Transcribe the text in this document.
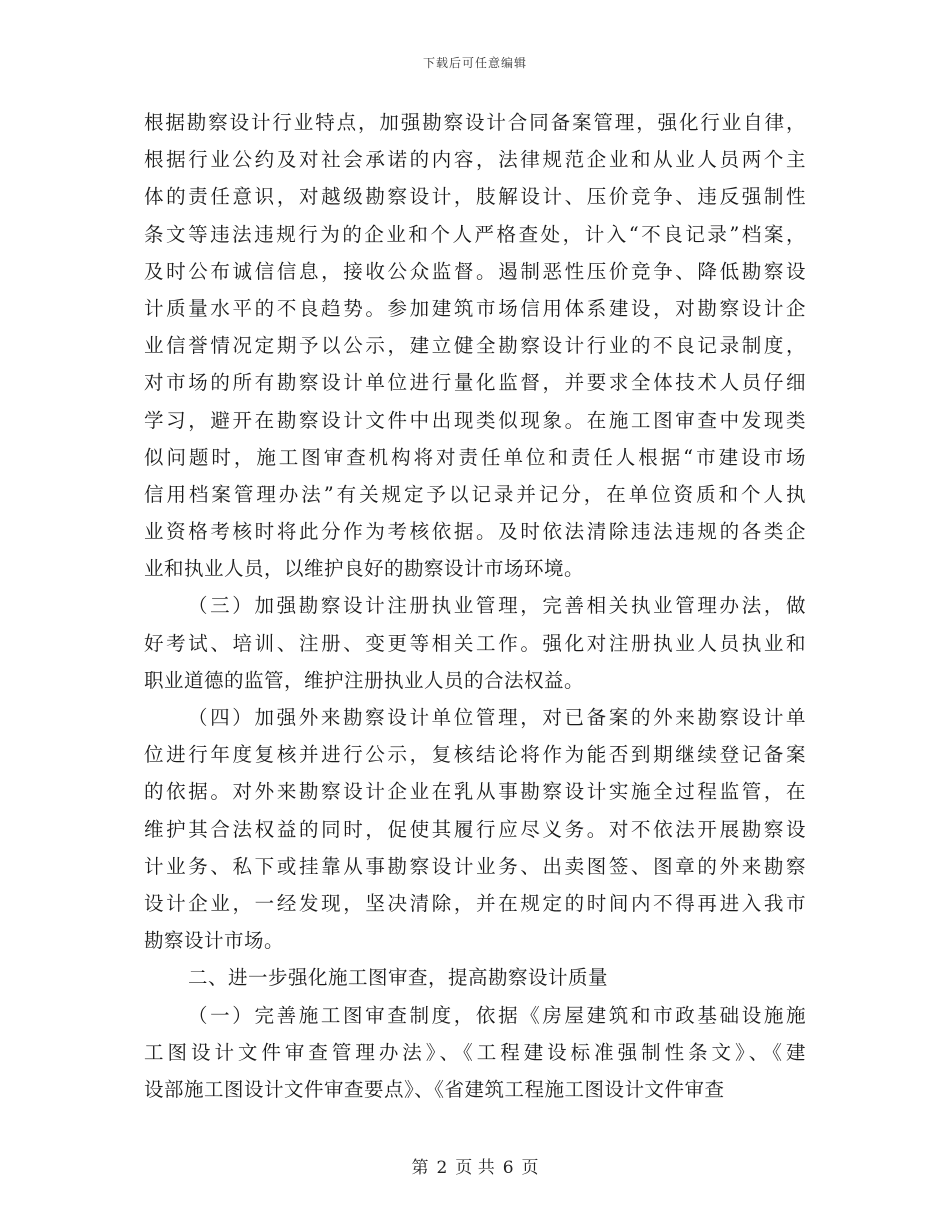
下载后可任意编辑
根据勘察设计行业特点，加强勘察设计合同备案管理，强化行业自律，
根据行业公约及对社会承诺的内容，法律规范企业和从业人员两个主
体的责任意识，对越级勘察设计，肢解设计、压价竞争、违反强制性
条文等违法违规行为的企业和个人严格查处，计入“不良记录”档案，
及时公布诚信信息，接收公众监督。遏制恶性压价竞争、降低勘察设
计质量水平的不良趋势。参加建筑市场信用体系建设，对勘察设计企
业信誉情况定期予以公示，建立健全勘察设计行业的不良记录制度，
对市场的所有勘察设计单位进行量化监督，并要求全体技术人员仔细
学习，避开在勘察设计文件中出现类似现象。在施工图审查中发现类
似问题时，施工图审查机构将对责任单位和责任人根据“市建设市场
信用档案管理办法”有关规定予以记录并记分，在单位资质和个人执
业资格考核时将此分作为考核依据。及时依法清除违法违规的各类企
业和执业人员，以维护良好的勘察设计市场环境。
（三）加强勘察设计注册执业管理，完善相关执业管理办法，做
好考试、培训、注册、变更等相关工作。强化对注册执业人员执业和
职业道德的监管，维护注册执业人员的合法权益。
（四）加强外来勘察设计单位管理，对已备案的外来勘察设计单
位进行年度复核并进行公示，复核结论将作为能否到期继续登记备案
的依据。对外来勘察设计企业在乳从事勘察设计实施全过程监管，在
维护其合法权益的同时，促使其履行应尽义务。对不依法开展勘察设
计业务、私下或挂靠从事勘察设计业务、出卖图签、图章的外来勘察
设计企业，一经发现，坚决清除，并在规定的时间内不得再进入我市
勘察设计市场。
二、进一步强化施工图审查，提高勘察设计质量
（一）完善施工图审查制度，依据《房屋建筑和市政基础设施施
工图设计文件审查管理办法》、《工程建设标准强制性条文》、《建
设部施工图设计文件审查要点》、《省建筑工程施工图设计文件审查
第 2 页 共 6 页
